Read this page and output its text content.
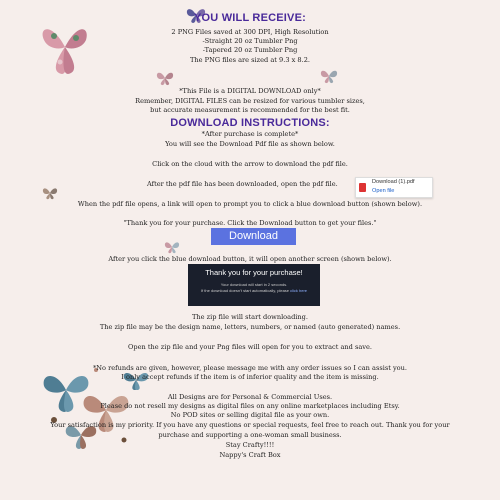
YOU WILL RECEIVE:
2 PNG Files saved at 300 DPI, High Resolution
-Straight 20 oz Tumbler Png
-Tapered 20 oz Tumbler Png
The PNG files are sized at 9.3 x 8.2.
*This File is a DIGITAL DOWNLOAD only*
Remember, DIGITAL FILES can be resized for various tumbler sizes,
but accurate measurement is recommended for the best fit.
DOWNLOAD INSTRUCTIONS:
*After purchase is complete*
You will see the Download Pdf file as shown below.
Click on the cloud with the arrow to download the pdf file.
After the pdf file has been downloaded, open the pdf file.	Download (1).pdf
Open file
When the pdf file opens, a link will open to prompt you to click a blue download button (shown below).
"Thank you for your purchase. Click the Download button to get your files."
Download
After you click the blue download button, it will open another screen (shown below).
Thank you for your purchase!
Your download will start in 2 seconds.
If the download doesn't start automatically, please click here
The zip file will start downloading.
The zip file may be the design name, letters, numbers, or named (auto generated) names.
Open the zip file and your Png files will open for you to extract and save.
*No refunds are given, however, please message me with any order issues so I can assist you.
I only accept refunds if the item is of inferior quality and the item is missing.
All Designs are for Personal & Commercial Uses.
Please do not resell my designs as digital files on any online marketplaces including Etsy.
No POD sites or selling digital file as your own.
Your satisfaction is my priority. If you have any questions or special requests, feel free to reach out. Thank you for your
purchase and supporting a one-woman small business.
Stay Crafty!!!!
Nappy's Craft Box
